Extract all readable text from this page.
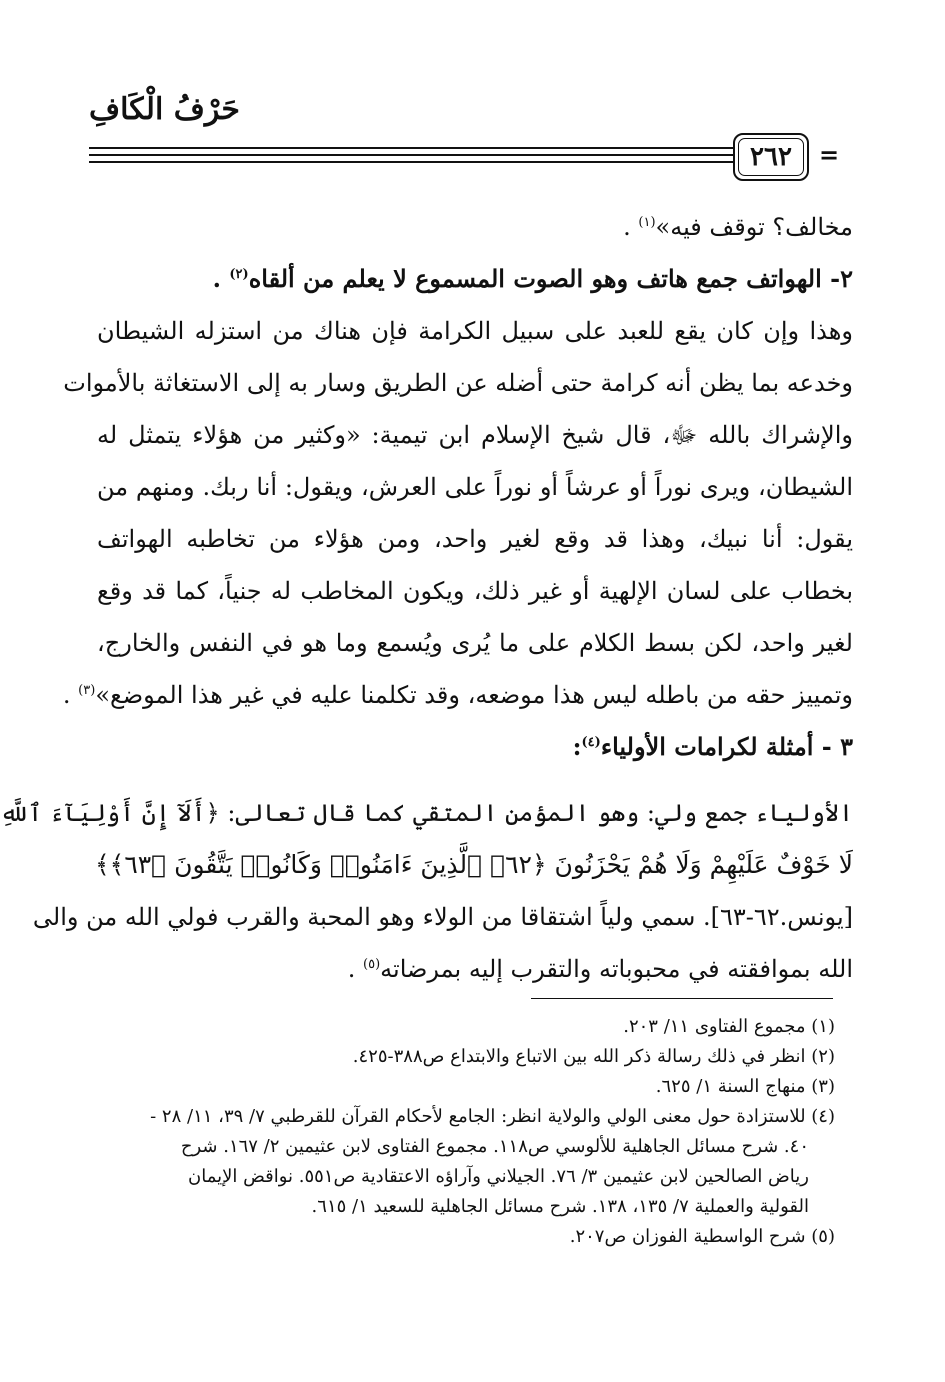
حَرْفُ الْكَافِ
٢٦٢ =
مخالف؟ توقف فيه»$^{(١)}$ .
٢- الهواتف جمع هاتف وهو الصوت المسموع لا يعلم من ألقاه$^{(٢)}$ .
وهذا وإن كان يقع للعبد على سبيل الكرامة فإن هناك من استزله الشيطان
وخدعه بما يظن أنه كرامة حتى أضله عن الطريق وسار به إلى الاستغاثة بالأموات
والإشراك بالله ﷻ، قال شيخ الإسلام ابن تيمية: «وكثير من هؤلاء يتمثل له
الشيطان، ويرى نوراً أو عرشاً أو نوراً على العرش، ويقول: أنا ربك. ومنهم من
يقول: أنا نبيك، وهذا قد وقع لغير واحد، ومن هؤلاء من تخاطبه الهواتف
بخطاب على لسان الإلهية أو غير ذلك، ويكون المخاطب له جنياً، كما قد وقع
لغير واحد، لكن بسط الكلام على ما يُرى ويُسمع وما هو في النفس والخارج،
وتمييز حقه من باطله ليس هذا موضعه، وقد تكلمنا عليه في غير هذا الموضع»$^{(٣)}$ .
٣ - أمثلة لكرامات الأولياء$^{(٤)}$:
الأولياء جمع ولي: وهو المؤمن المتقي كما قال تعالى: ﴿أَلَآ إِنَّ أَوْلِيَآءَ ٱللَّهِ
لَا خَوْفٌ عَلَيْهِمْ وَلَا هُمْ يَحْزَنُونَ ﴿٦٢﴾ ٱلَّذِينَ ءَامَنُوا۟ وَكَانُوا۟ يَتَّقُونَ ﴿٦٣﴾﴾
[يونس.٦٢-٦٣]. سمي ولياً اشتقاقا من الولاء وهو المحبة والقرب فولي الله من والى
الله بموافقته في محبوباته والتقرب إليه بمرضاته$^{(٥)}$ .
(١) مجموع الفتاوى ١١/ ٢٠٣.
(٢) انظر في ذلك رسالة ذكر الله بين الاتباع والابتداع ص٣٨٨-٤٢٥.
(٣) منهاج السنة ١/ ٦٢٥.
(٤) للاستزادة حول معنى الولي والولاية انظر: الجامع لأحكام القرآن للقرطبي ٧/ ٣٩، ١١/ ٢٨ -
٤٠. شرح مسائل الجاهلية للألوسي ص١١٨. مجموع الفتاوى لابن عثيمين ٢/ ١٦٧. شرح
رياض الصالحين لابن عثيمين ٣/ ٧٦. الجيلاني وآراؤه الاعتقادية ص٥٥١. نواقض الإيمان
القولية والعملية ٧/ ١٣٥، ١٣٨. شرح مسائل الجاهلية للسعيد ١/ ٦١٥.
(٥) شرح الواسطية الفوزان ص٢٠٧.
